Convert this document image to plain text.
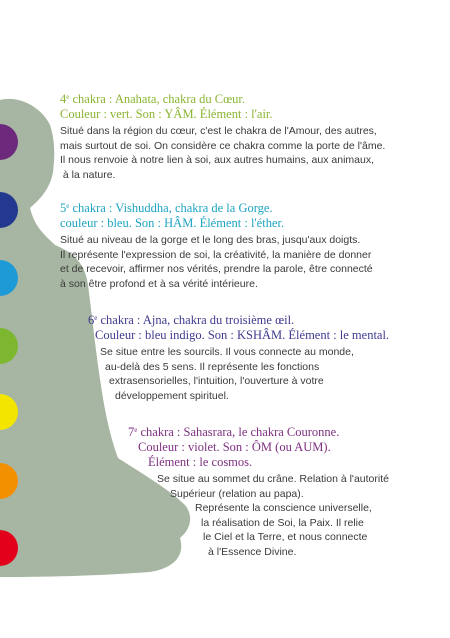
4e chakra : Anahata, chakra du Cœur.
Couleur : vert. Son : YÂM. Élément : l'air.
Situé dans la région du cœur, c'est le chakra de l'Amour, des autres,
mais surtout de soi. On considère ce chakra comme la porte de l'âme.
Il nous renvoie à notre lien à soi, aux autres humains, aux animaux,
à la nature.
5e chakra : Vishuddha, chakra de la Gorge.
couleur : bleu. Son : HÂM. Élément : l'éther.
Situé au niveau de la gorge et le long des bras, jusqu'aux doigts.
Il représente l'expression de soi, la créativité, la manière de donner
et de recevoir, affirmer nos vérités, prendre la parole, être connecté
à son être profond et à sa vérité intérieure.
6e chakra : Ajna, chakra du troisième œil.
Couleur : bleu indigo. Son : KSHÂM. Élément : le mental.
Se situe entre les sourcils. Il vous connecte au monde,
au-delà des 5 sens. Il représente les fonctions
extrasensorielles, l'intuition, l'ouverture à votre
développement spirituel.
7e chakra : Sahasrara, le chakra Couronne.
Couleur : violet. Son : ÔM (ou AUM).
Élément : le cosmos.
Se situe au sommet du crâne. Relation à l'autorité
Supérieur (relation au papa).
Représente la conscience universelle,
la réalisation de Soi, la Paix. Il relie
le Ciel et la Terre, et nous connecte
à l'Essence Divine.
